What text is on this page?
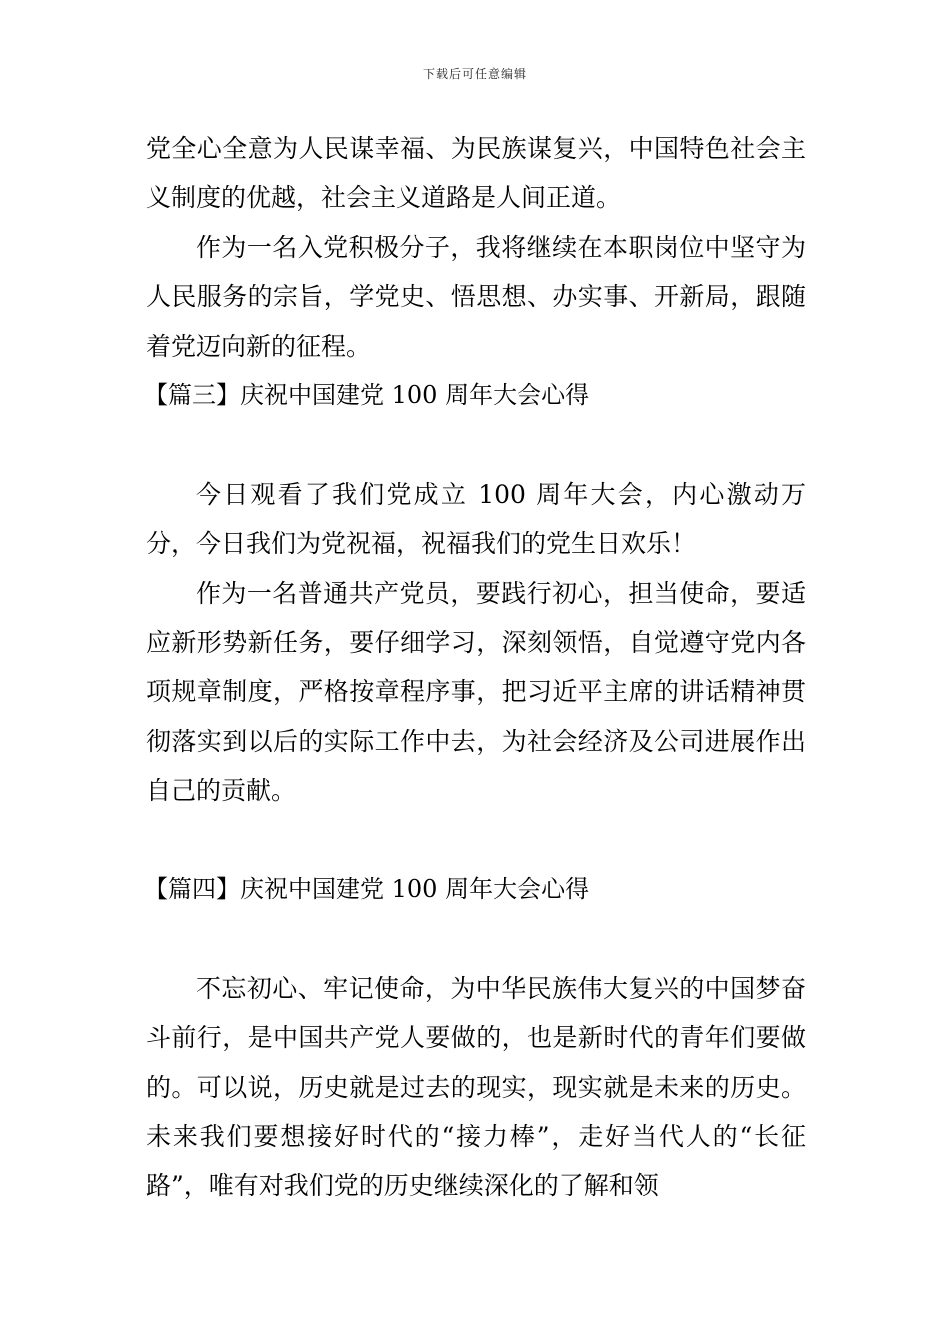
下载后可任意编辑

党全心全意为人民谋幸福、为民族谋复兴，中国特色社会主义制度的优越，社会主义道路是人间正道。

作为一名入党积极分子，我将继续在本职岗位中坚守为人民服务的宗旨，学党史、悟思想、办实事、开新局，跟随着党迈向新的征程。

【篇三】庆祝中国建党 100 周年大会心得

今日观看了我们党成立 100 周年大会，内心激动万分，今日我们为党祝福，祝福我们的党生日欢乐！

作为一名普通共产党员，要践行初心，担当使命，要适应新形势新任务，要仔细学习，深刻领悟，自觉遵守党内各项规章制度，严格按章程序事，把习近平主席的讲话精神贯彻落实到以后的实际工作中去，为社会经济及公司进展作出自己的贡献。

【篇四】庆祝中国建党 100 周年大会心得

不忘初心、牢记使命，为中华民族伟大复兴的中国梦奋斗前行，是中国共产党人要做的，也是新时代的青年们要做的。可以说，历史就是过去的现实，现实就是未来的历史。未来我们要想接好时代的“接力棒”，走好当代人的“长征路”，唯有对我们党的历史继续深化的了解和领
